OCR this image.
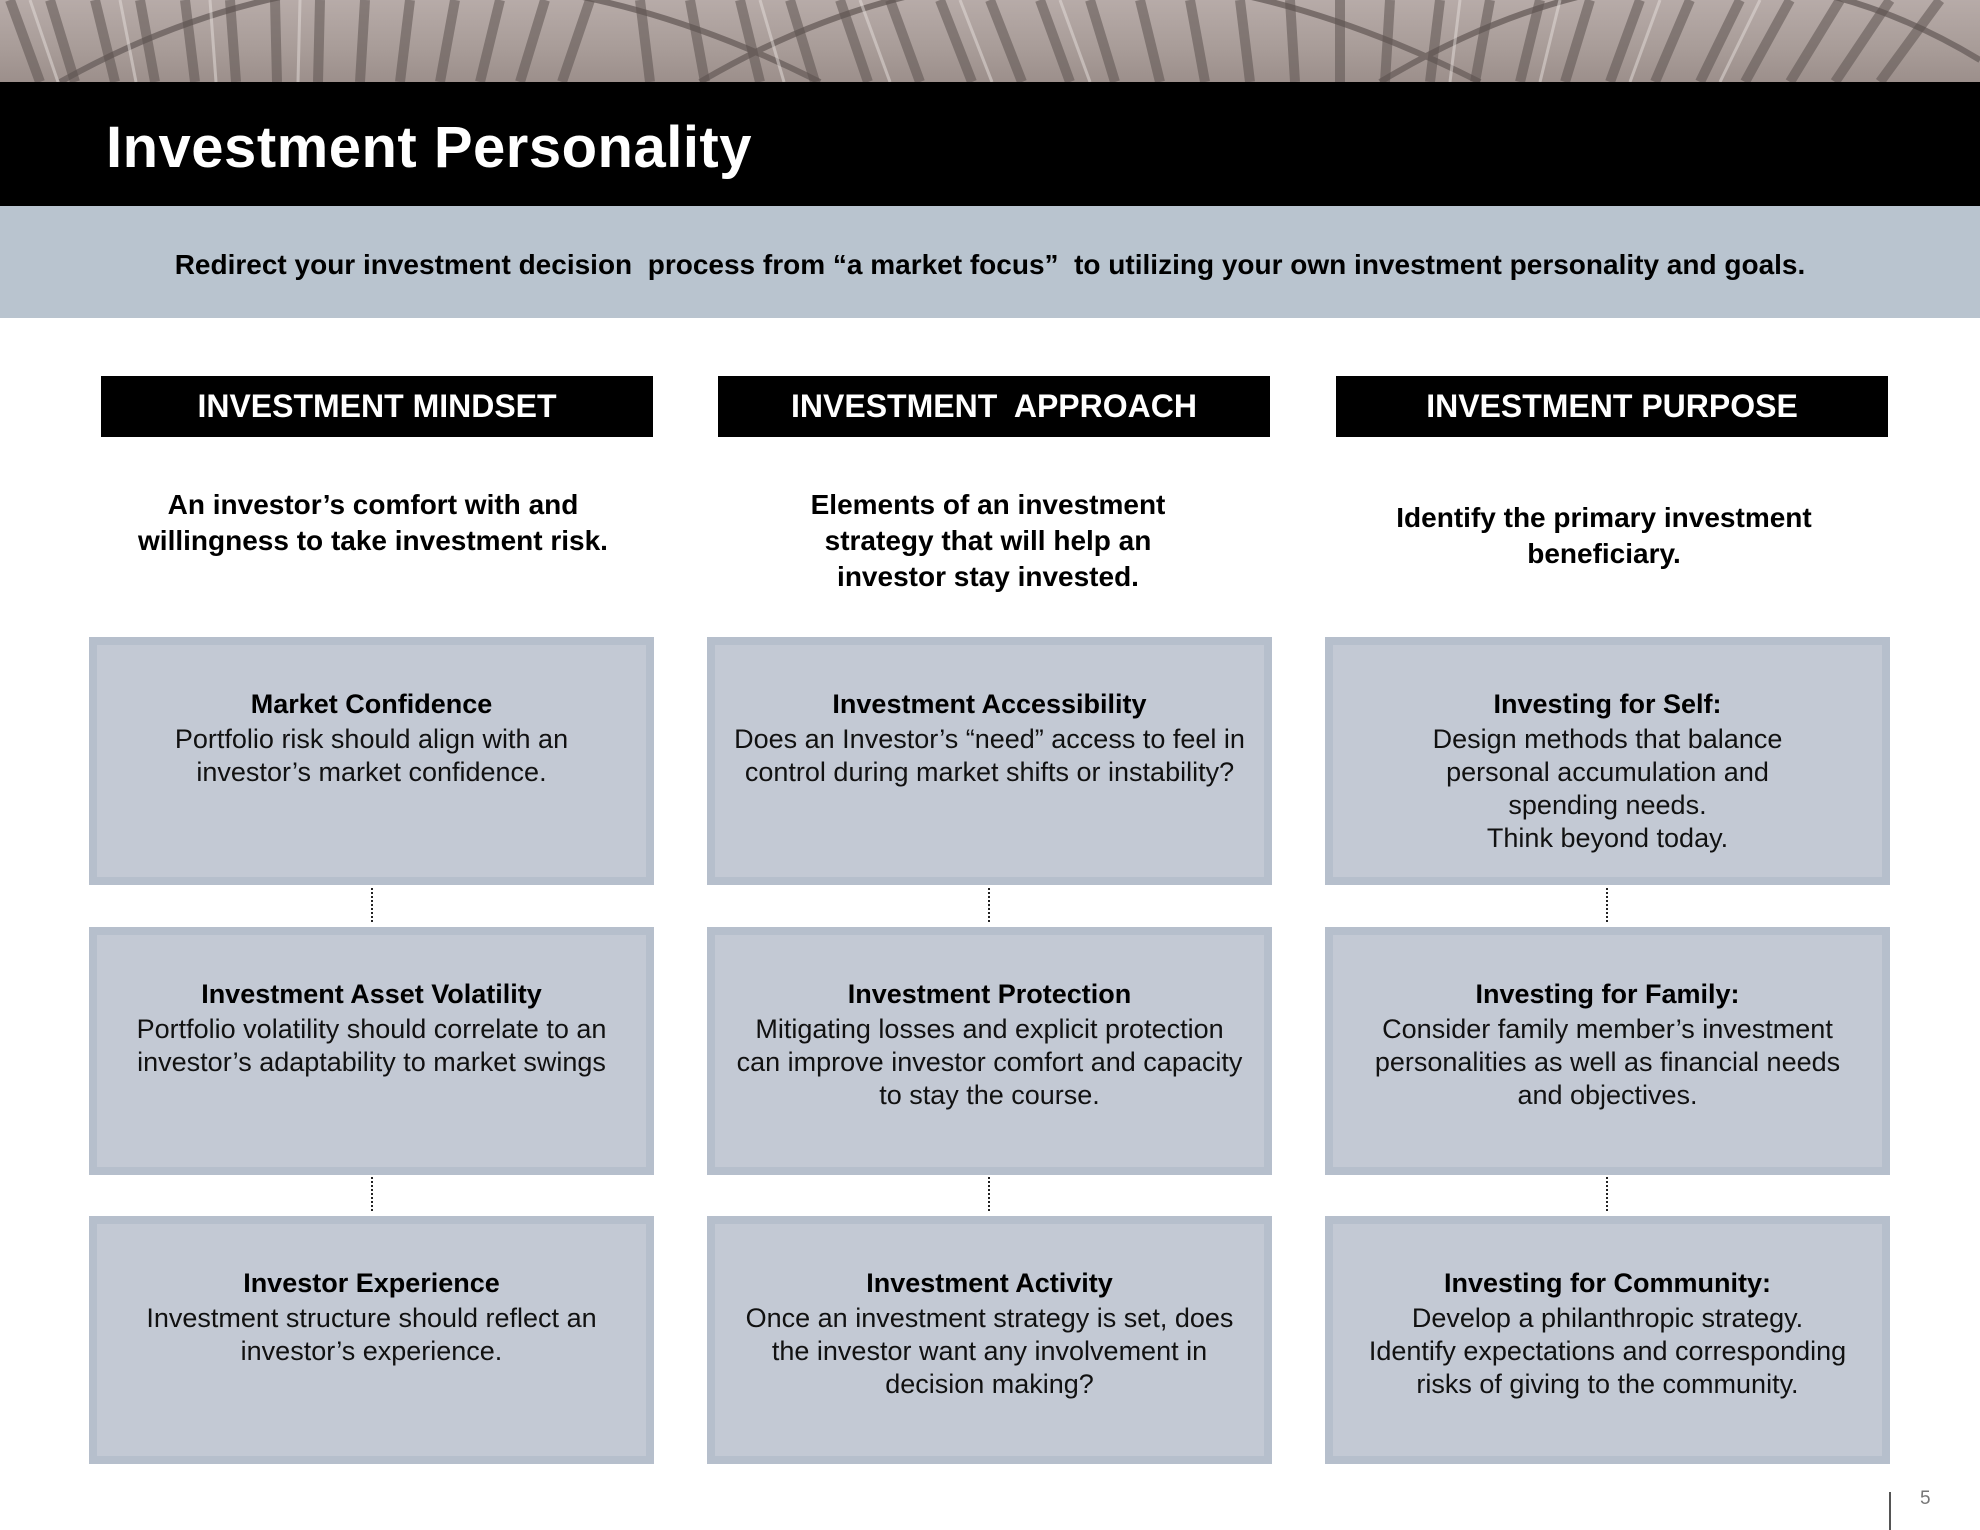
Investment Personality
Redirect your investment decision  process from “a market focus”  to utilizing your own investment personality and goals.
INVESTMENT MINDSET	INVESTMENT  APPROACH	INVESTMENT PURPOSE
An investor’s comfort with and
willingness to take investment risk.
Elements of an investment
strategy that will help an
investor stay invested.
Identify the primary investment
beneficiary.
Market Confidence
Portfolio risk should align with an
investor’s market confidence.
Investment Asset Volatility
Portfolio volatility should correlate to an
investor’s adaptability to market swings
Investor Experience
Investment structure should reflect an
investor’s experience.
Investment Accessibility
Does an Investor’s “need” access to feel in
control during market shifts or instability?
Investment Protection
Mitigating losses and explicit protection
can improve investor comfort and capacity
to stay the course.
Investment Activity
Once an investment strategy is set, does
the investor want any involvement in
decision making?
Investing for Self:
Design methods that balance
personal accumulation and
spending needs.
Think beyond today.
Investing for Family:
Consider family member’s investment
personalities as well as financial needs
and objectives.
Investing for Community:
Develop a philanthropic strategy.
Identify expectations and corresponding
risks of giving to the community.
5
